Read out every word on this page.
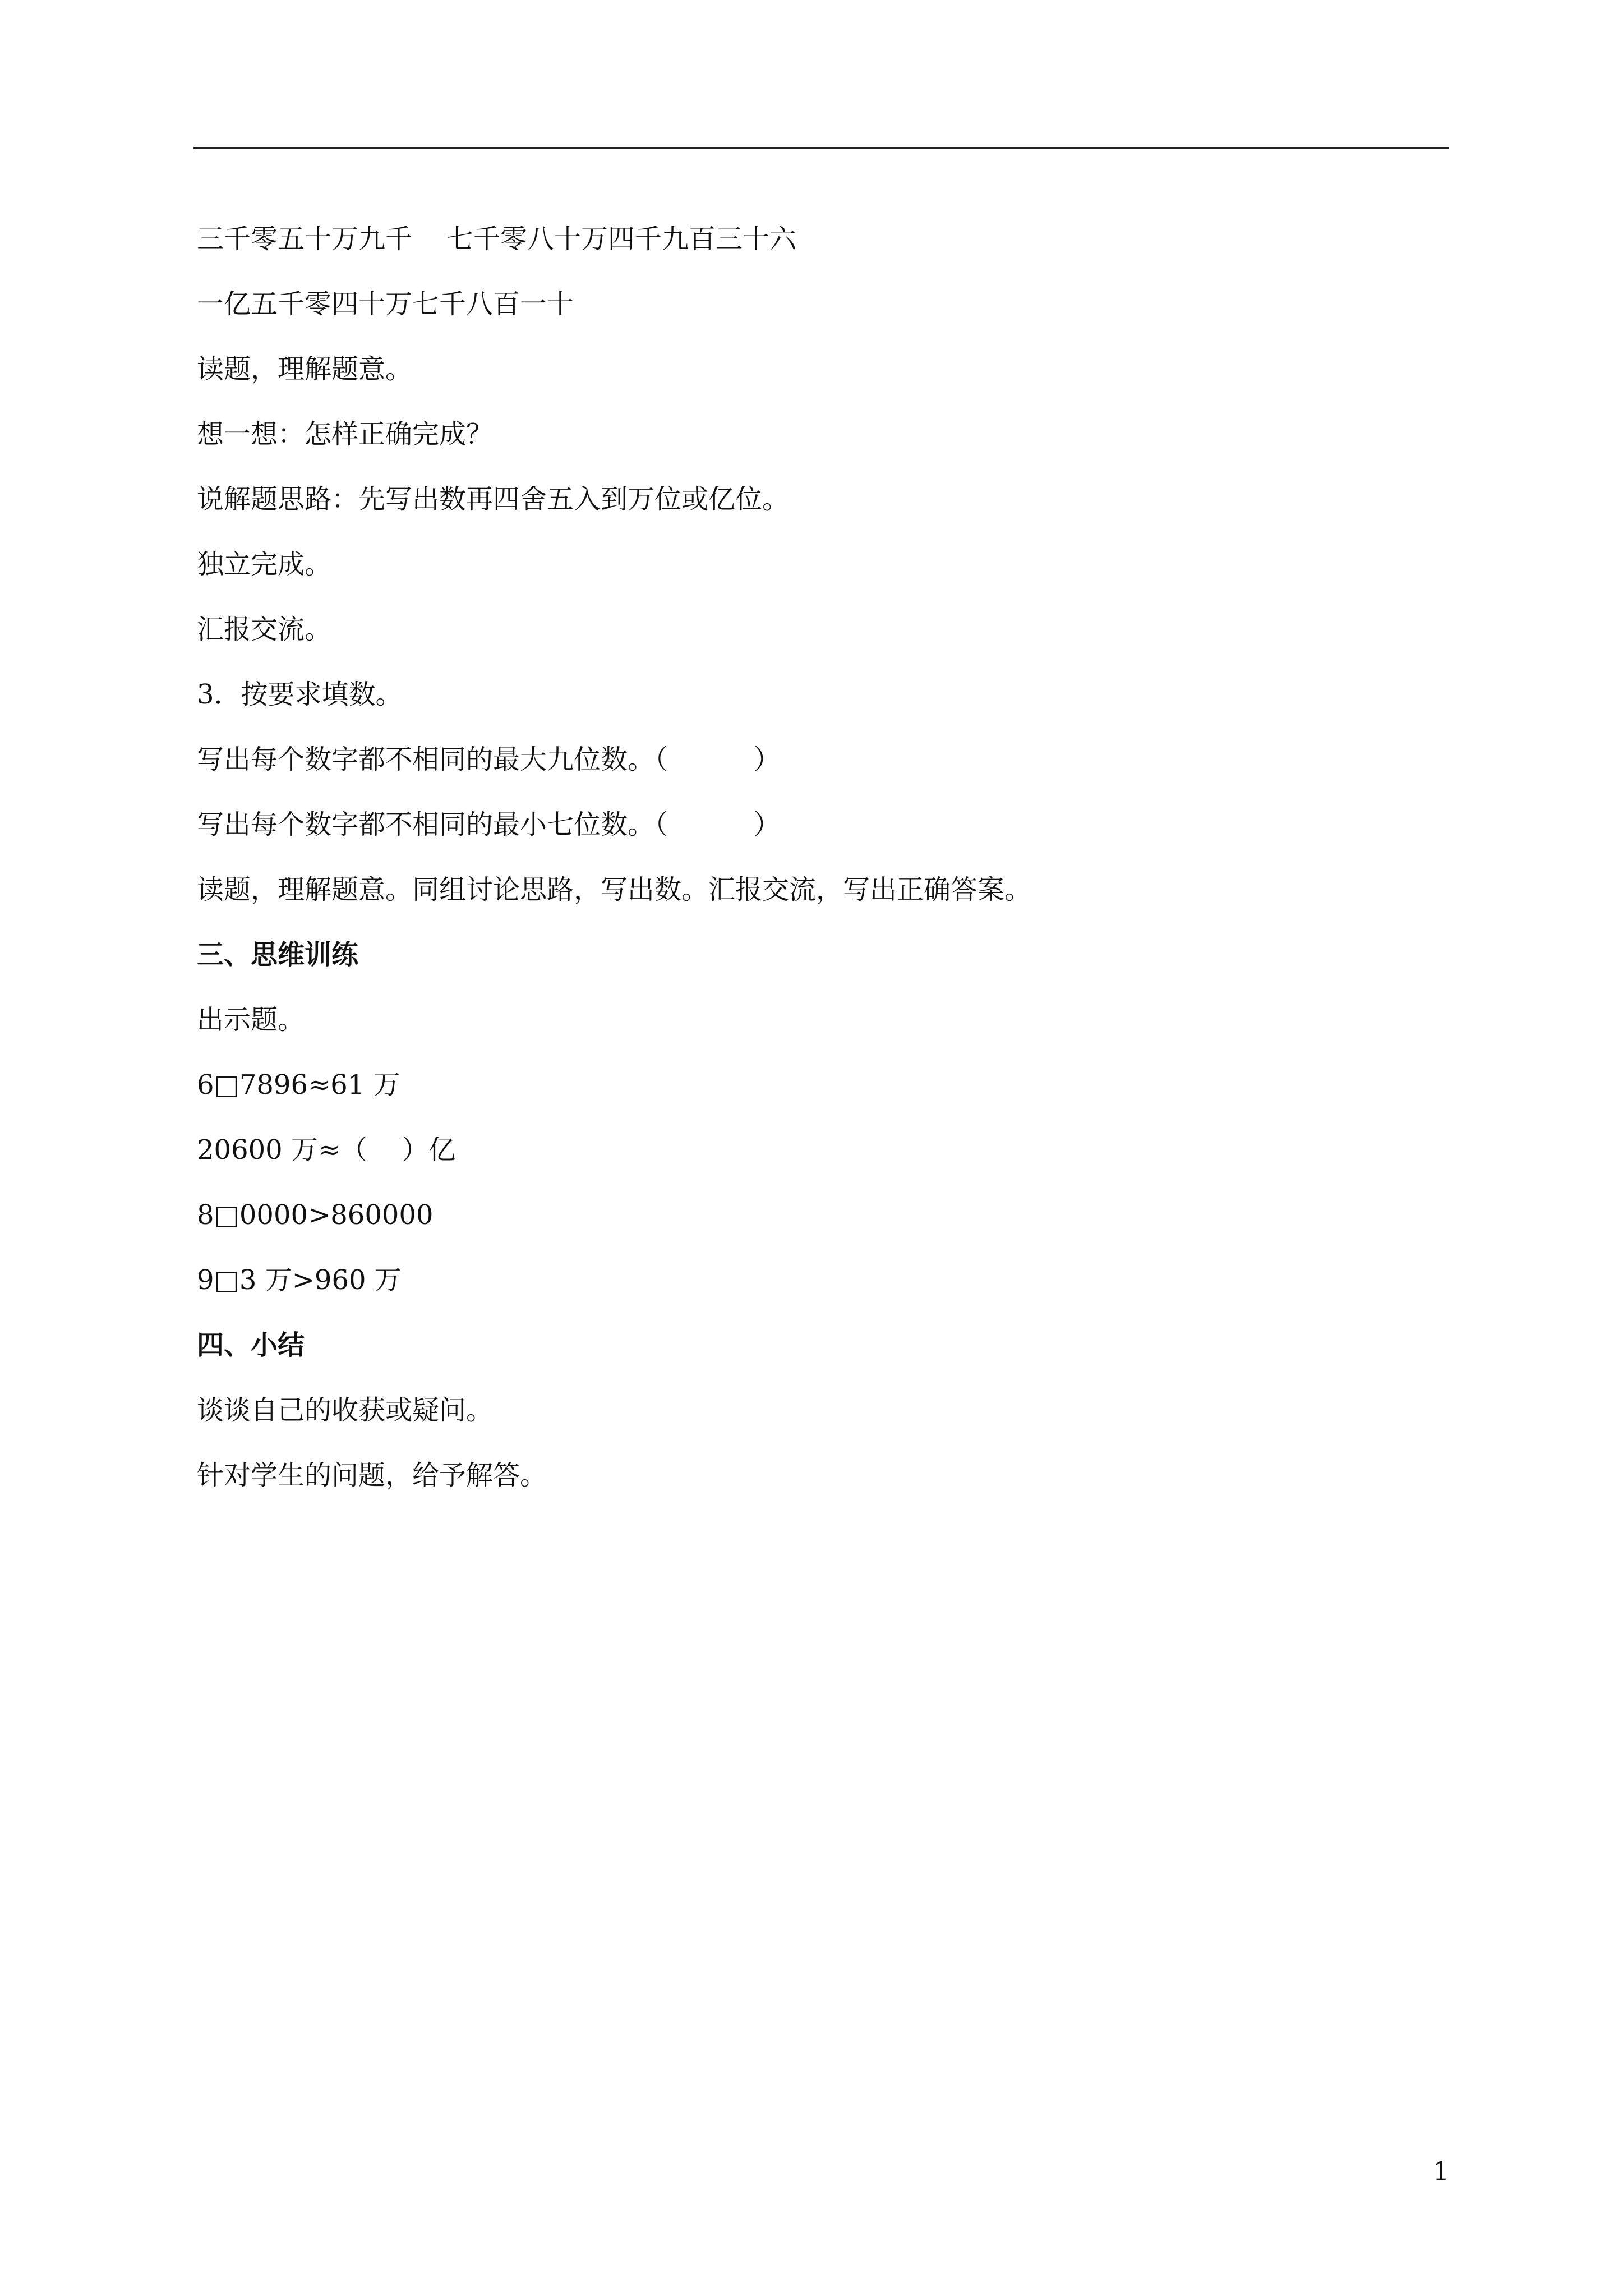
三千零五十万九千    七千零八十万四千九百三十六

一亿五千零四十万七千八百一十

读题，理解题意。

想一想：怎样正确完成？

说解题思路：先写出数再四舍五入到万位或亿位。

独立完成。

汇报交流。

3．按要求填数。

写出每个数字都不相同的最大九位数。（          ）

写出每个数字都不相同的最小七位数。（          ）

读题，理解题意。同组讨论思路，写出数。汇报交流，写出正确答案。

三、思维训练

出示题。

6□7896≈61 万

20600 万≈（    ）亿

8□0000>860000

9□3 万>960 万

四、小结

谈谈自己的收获或疑问。

针对学生的问题，给予解答。

1
